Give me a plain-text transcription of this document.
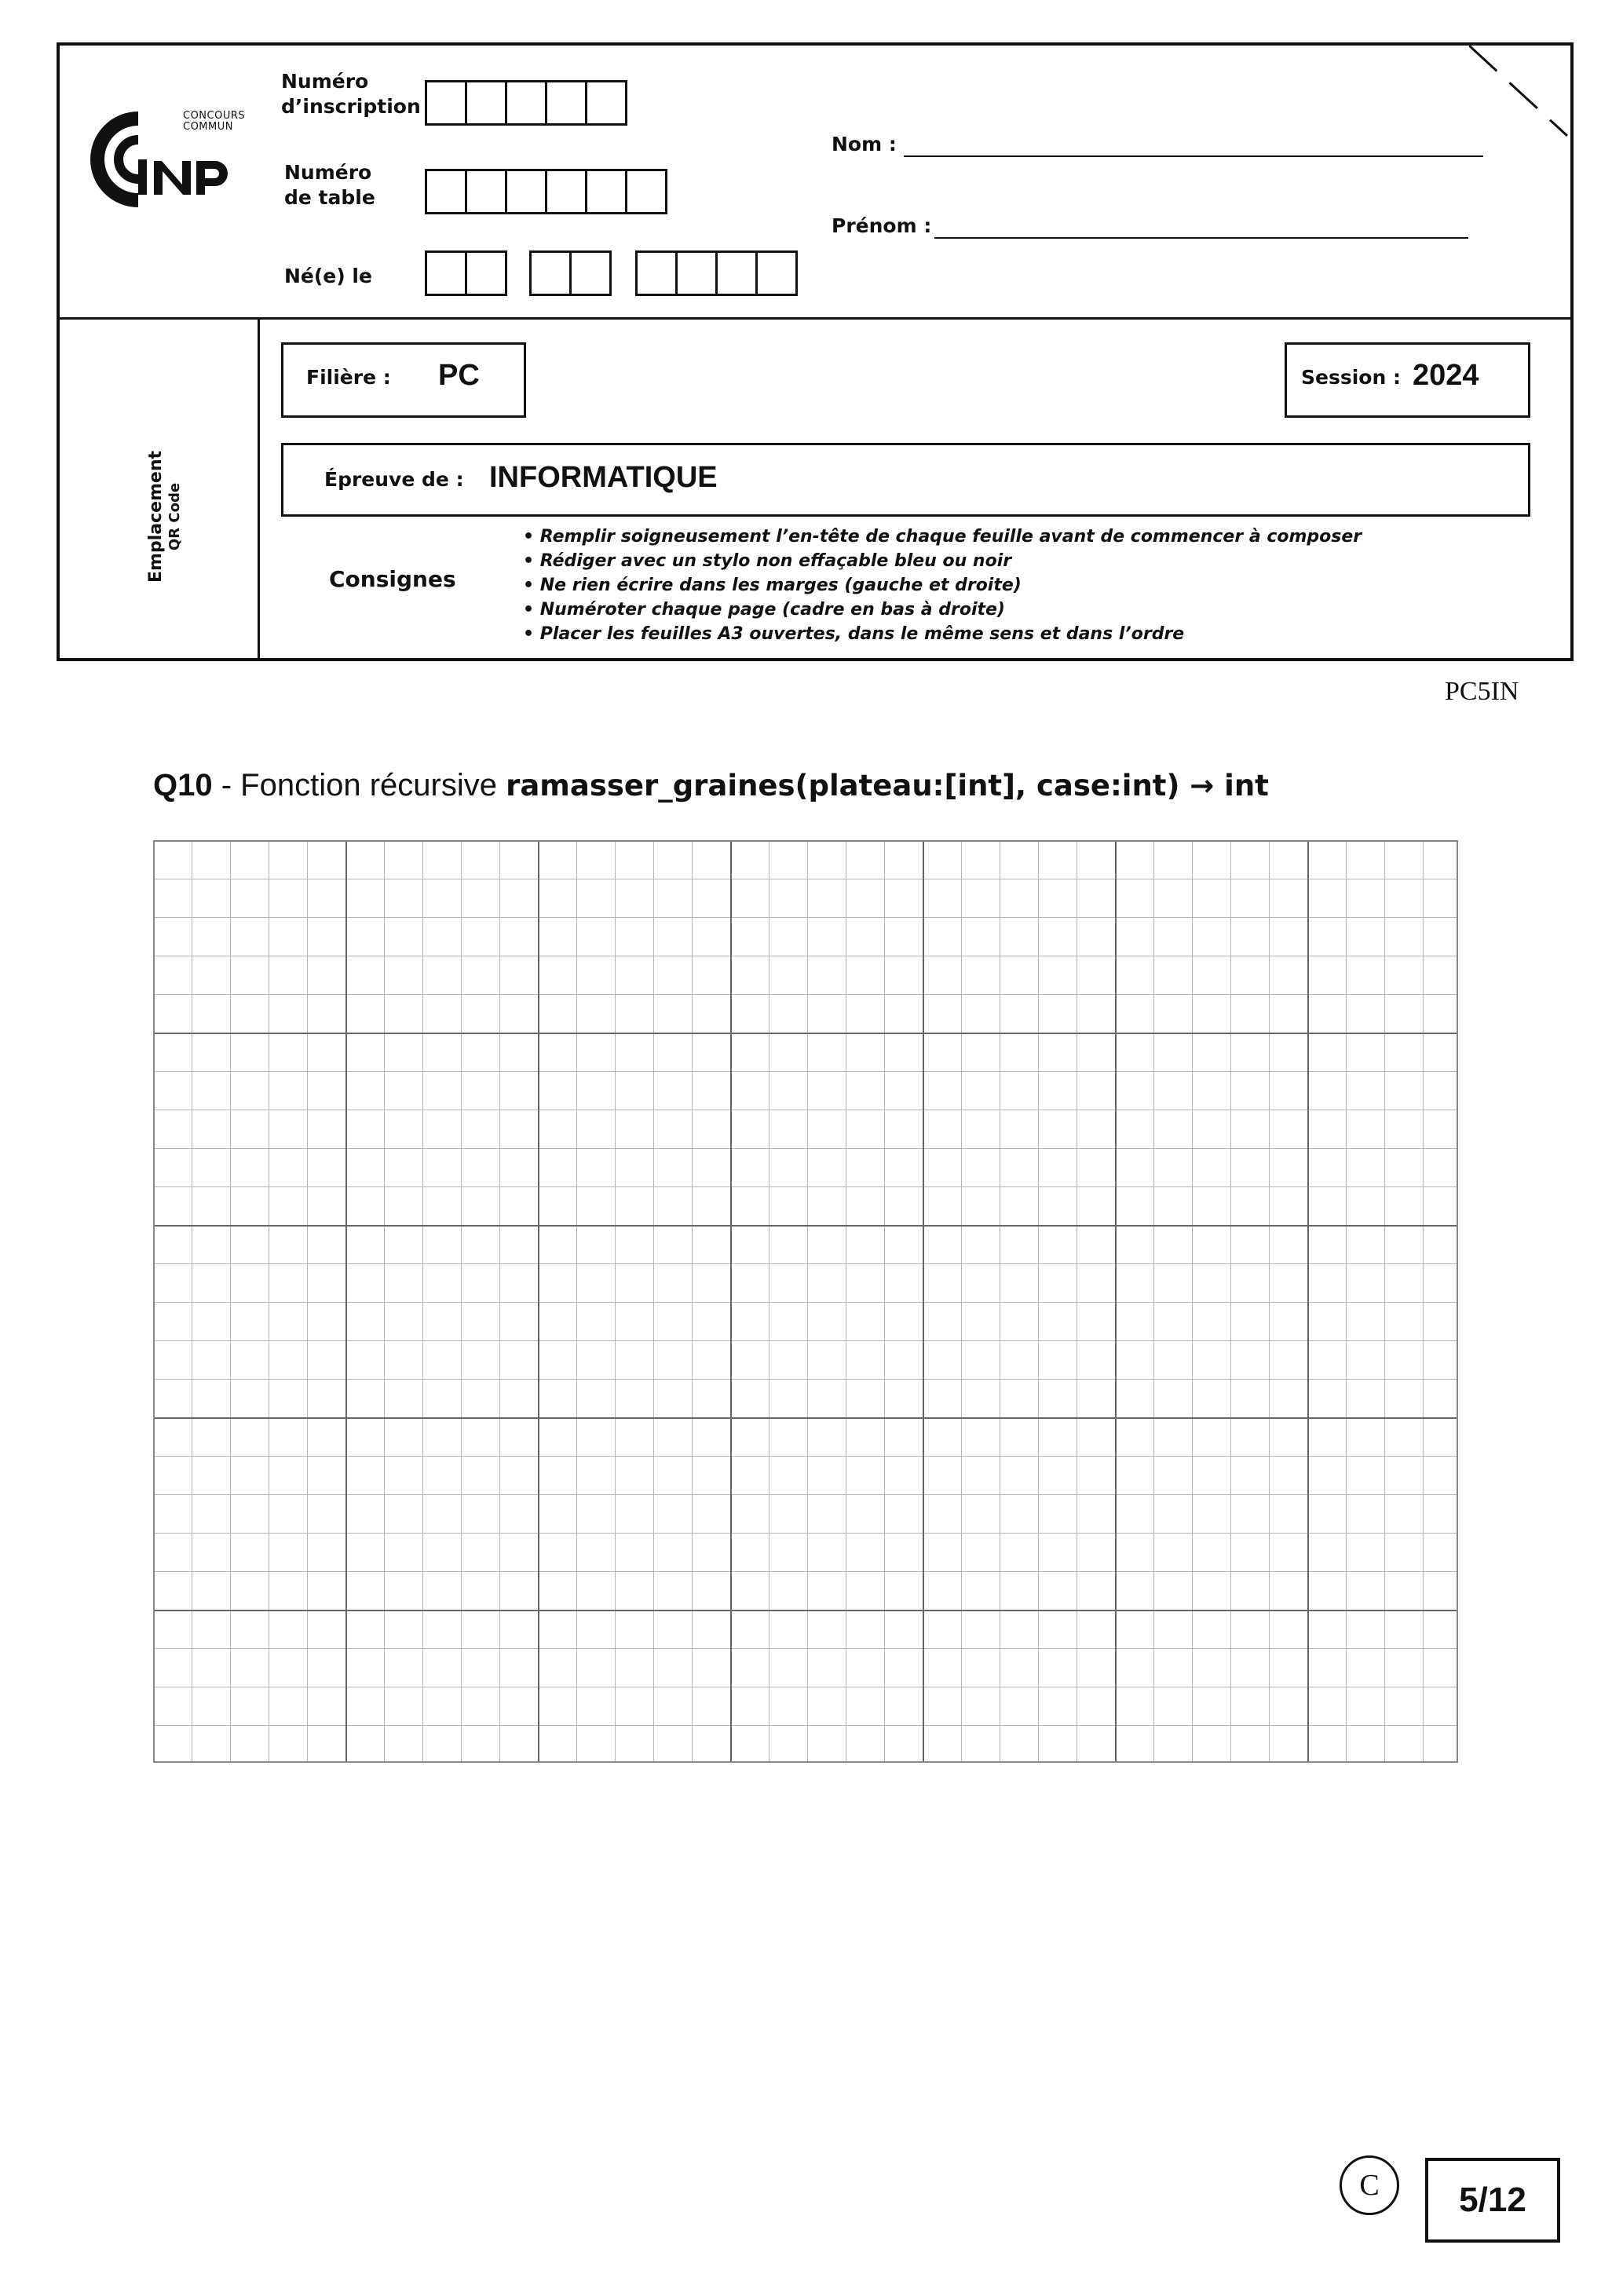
CONCOURS
COMMUN
Numéro
d’inscription
Numéro
de table
Né(e) le
Nom :
Prénom :
Emplacement QR Code
Filière : PC	Session : 2024
Épreuve de : INFORMATIQUE
Consignes
• Remplir soigneusement l’en-tête de chaque feuille avant de commencer à composer
• Rédiger avec un stylo non effaçable bleu ou noir
• Ne rien écrire dans les marges (gauche et droite)
• Numéroter chaque page (cadre en bas à droite)
• Placer les feuilles A3 ouvertes, dans le même sens et dans l’ordre
PC5IN
Q10 - Fonction récursive ramasser_graines(plateau:[int], case:int) → int
C	5/12
